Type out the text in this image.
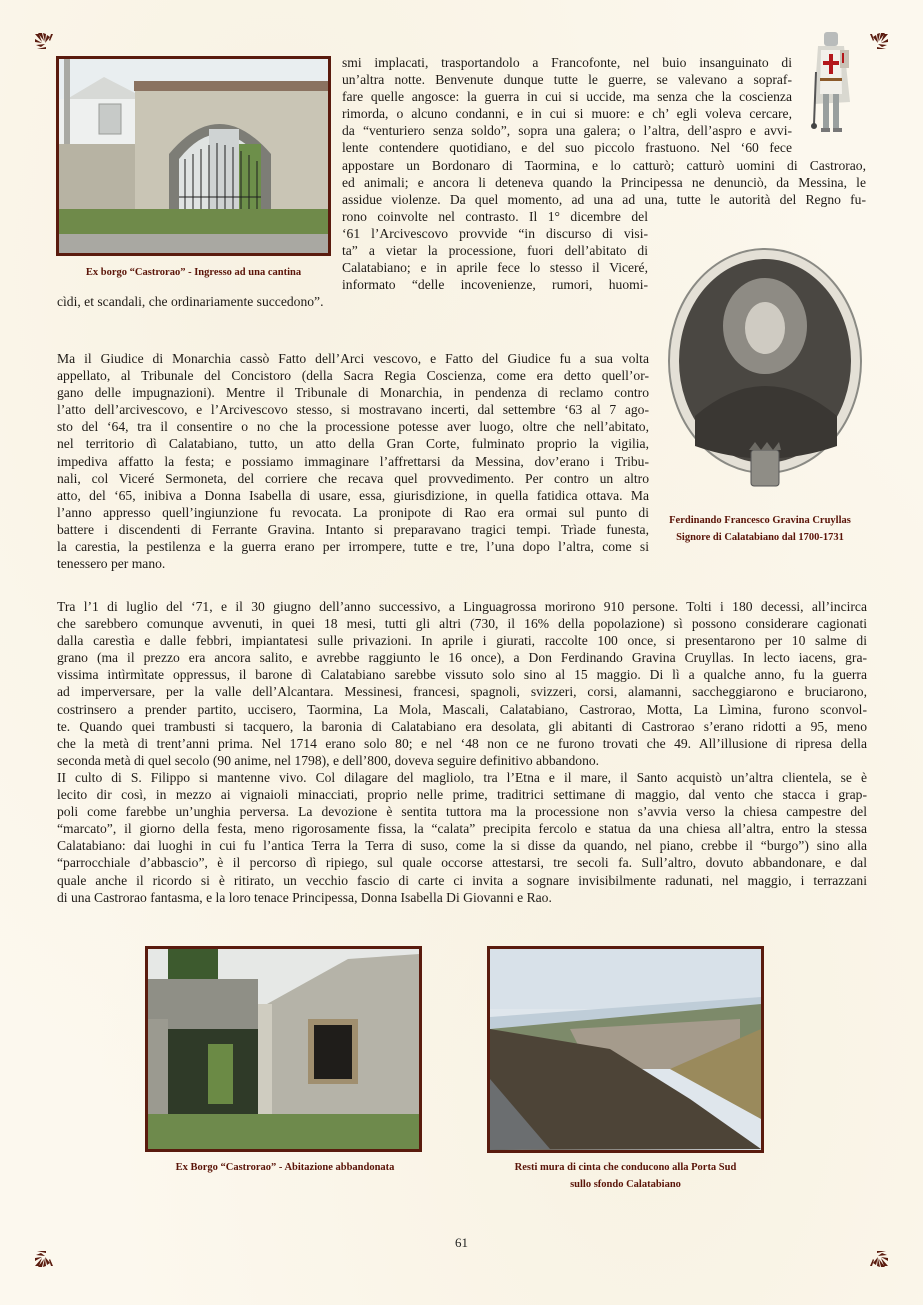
Ex borgo “Castrorao” - Ingresso ad una cantina
smi implacati, trasportandolo a Francofonte, nel buio insanguinato di
un’altra notte. Benvenute dunque tutte le guerre, se valevano a sopraf-
fare quelle angosce: la guerra in cui si uccide, ma senza che la coscienza
rimorda, o alcuno condanni, e in cui si muore: e ch’ egli voleva cercare,
da “venturiero senza soldo”, sopra una galera; o l’altra, dell’aspro e avvi-
lente contendere quotidiano, e del suo piccolo frastuono. Nel ‘60 fece
appostare un Bordonaro di Taormina, e lo catturò; catturò uomini di Castrorao,
ed animali; e ancora li deteneva quando la Principessa ne denunciò, da Messina, le
assidue violenze. Da quel momento, ad una ad una, tutte le autorità del Regno fu-
rono coinvolte nel contrasto. Il 1° dicembre del
‘61 l’Arcivescovo provvide “in discurso di visi-
ta” a vietar la processione, fuori dell’abitato di
Calatabiano; e in aprile fece lo stesso il Viceré,
informato “delle incovenienze, rumori, huomi-
cìdi, et scandali, che ordinariamente succedono”.
Ferdinando Francesco Gravina Cruyllas
Signore di Calatabiano dal 1700-1731
Ma il Giudice di Monarchia cassò Fatto dell’Arci vescovo, e Fatto del Giudice fu a sua volta
appellato, al Tribunale del Concistoro (della Sacra Regia Coscienza, come era detto quell’or-
gano delle impugnazioni). Mentre il Tribunale di Monarchia, in pendenza di reclamo contro
l’atto dell’arcivescovo, e l’Arcivescovo stesso, si mostravano incerti, dal settembre ‘63 al 7 ago-
sto del ‘64, tra il consentire o no che la processione potesse aver luogo, oltre che nell’abitato,
nel territorio dì Calatabiano, tutto, un atto della Gran Corte, fulminato proprio la vigilia,
impediva affatto la festa; e possiamo immaginare l’affrettarsi da Messina, dov’erano i Tribu-
nali, col Viceré Sermoneta, del corriere che recava quel provvedimento. Per contro un altro
atto, del ‘65, inibiva a Donna Isabella di usare, essa, giurisdizione, in quella fatidica ottava. Ma
l’anno appresso quell’ingiunzione fu revocata. La pronipote di Rao era ormai sul punto di
battere i discendenti di Ferrante Gravina. Intanto si preparavano tragici tempi. Trìade funesta,
la carestia, la pestilenza e la guerra erano per irrompere, tutte e tre, l’una dopo l’altra, come si
tenessero per mano.
Tra l’1 di luglio del ‘71, e il 30 giugno dell’anno successivo, a Linguagrossa morirono 910 persone. Tolti i 180 decessi, all’incirca
che sarebbero comunque avvenuti, in quei 18 mesi, tutti gli altri (730, il 16% della popolazione) sì possono considerare cagionati
dalla carestìa e dalle febbri, impiantatesi sulle privazioni. In aprile i giurati, raccolte 100 once, si presentarono per 10 salme di
grano (ma il prezzo era ancora salito, e avrebbe raggiunto le 16 once), a Don Ferdinando Gravina Cruyllas. In lecto iacens, gra-
vissima intìrmìtate oppressus, il barone dì Calatabiano sarebbe vissuto solo sino al 15 maggio. Di lì a qualche anno, fu la guerra
ad imperversare, per la valle dell’Alcantara. Messinesi, francesi, spagnoli, svizzeri, corsi, alamanni, saccheggiarono e bruciarono,
costrinsero a prender partito, uccisero, Taormina, La Mola, Mascali, Calatabiano, Castrorao, Motta, La Lìmina, furono sconvol-
te. Quando quei trambusti si tacquero, la baronia di Calatabiano era desolata, gli abitanti di Castrorao s’erano ridotti a 95, meno
che la metà di trent’anni prima. Nel 1714 erano solo 80; e nel ‘48 non ce ne furono trovati che 49. All’illusione di ripresa della
seconda metà di quel secolo (90 anime, nel 1798), e dell’800, doveva seguire definitivo abbandono.
II culto di S. Filippo si mantenne vivo. Col dilagare del magliolo, tra l’Etna e il mare, il Santo acquistò un’altra clientela, se è
lecito dir così, in mezzo ai vignaioli minacciati, proprio nelle prime, traditrici settimane di maggio, dal vento che stacca i grap-
poli come farebbe un’unghia perversa. La devozione è sentita tuttora ma la processione non s’avvia verso la chiesa campestre del
“marcato”, il giorno della festa, meno rigorosamente fissa, la “calata” precipita fercolo e statua da una chiesa all’altra, entro la stessa
Calatabiano: dai luoghi in cui fu l’antica Terra la Terra di suso, come la si disse da quando, nel piano, crebbe il “burgo”) sino alla
“parrocchiale d’abbascio”, è il percorso dì ripiego, sul quale occorse attestarsi, tre secoli fa. Sull’altro, dovuto abbandonare, e dal
quale anche il ricordo si è ritirato, un vecchio fascio di carte ci invita a sognare invisibilmente radunati, nel maggio, i terrazzani
di una Castrorao fantasma, e la loro tenace Principessa, Donna Isabella Di Giovanni e Rao.
Ex Borgo “Castrorao” - Abitazione abbandonata	Resti mura di cinta che conducono alla Porta Sud
sullo sfondo Calatabiano
61
